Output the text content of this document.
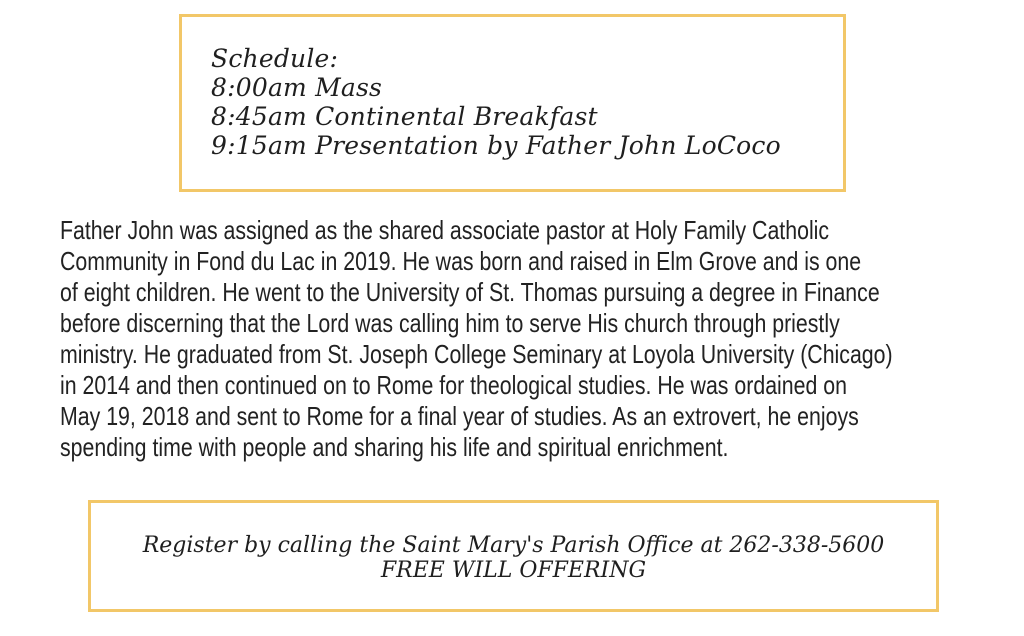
Schedule:
8:00am Mass
8:45am Continental Breakfast
9:15am Presentation by Father John LoCoco
Father John was assigned as the shared associate pastor at Holy Family Catholic
Community in Fond du Lac in 2019. He was born and raised in Elm Grove and is one
of eight children. He went to the University of St. Thomas pursuing a degree in Finance
before discerning that the Lord was calling him to serve His church through priestly
ministry. He graduated from St. Joseph College Seminary at Loyola University (Chicago)
in 2014 and then continued on to Rome for theological studies. He was ordained on
May 19, 2018 and sent to Rome for a final year of studies. As an extrovert, he enjoys
spending time with people and sharing his life and spiritual enrichment.
Register by calling the Saint Mary's Parish Office at 262-338-5600
FREE WILL OFFERING
